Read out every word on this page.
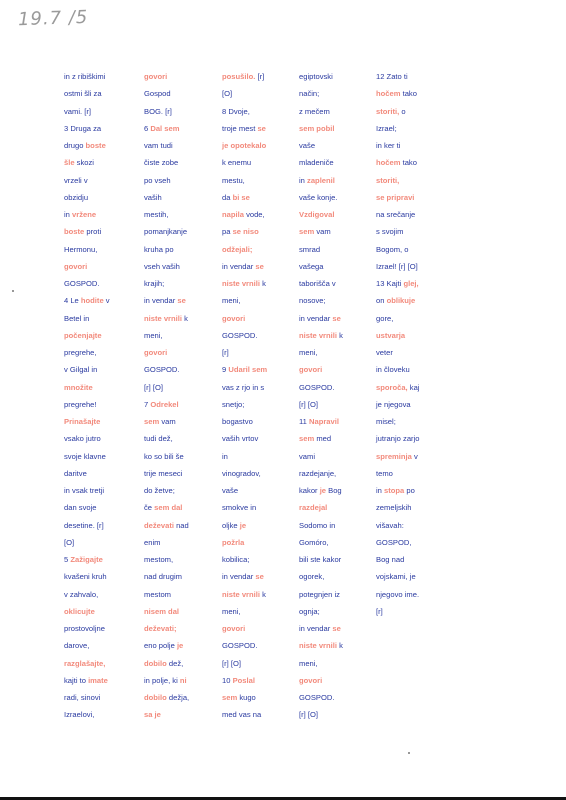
19.7 /5
in z ribiškimi
ostmi šli za
vami. [r]
3 Druga za
drugo boste
šle skozi
vrzeli v
obzidju
in vržene
boste proti
Hermonu,
govori
GOSPOD.
4 Le hodite v
Betel in
počenjajte
pregrehe,
v Gilgal in
množite
pregrehe!
Prinašajte
vsako jutro
svoje klavne
daritve
in vsak tretji
dan svoje
desetine. [r]
[O]
5 Zažigajte
kvašeni kruh
v zahvalo,
oklicujte
prostovoljne
darove,
razglašajte,
kajti to imate
radi, sinovi
Izraelovi,
govori
Gospod
BOG. [r]
6 Dal sem
vam tudi
čiste zobe
po vseh
vaših
mestih,
pomanjkanje
kruha po
vseh vaših
krajih;
in vendar se
niste vrnili k
meni,
govori
GOSPOD.
[r] [O]
7 Odrekel
sem vam
tudi dež,
ko so bili še
trije meseci
do žetve;
če sem dal
deževati nad
enim
mestom,
nad drugim
mestom
nisem dal
deževati;
eno polje je
dobilo dež,
in polje, ki ni
dobilo dežja,
sa je
posušilo. [r]
[O]
8 Dvoje,
troje mest se
je opotekalo
k enemu
mestu,
da bi se
napila vode,
pa se niso
odžejali;
in vendar se
niste vrnili k
meni,
govori
GOSPOD.
[r]
9 Udaril sem
vas z rjo in s
snetjo;
bogastvo
vaših vrtov
in
vinogradov,
vaše
smokve in
oljke je
požrla
kobilica;
in vendar se
niste vrnili k
meni,
govori
GOSPOD.
[r] [O]
10 Poslal
sem kugo
med vas na
egiptovski
način;
z mečem
sem pobil
vaše
mladeniče
in zaplenil
vaše konje.
Vzdigoval
sem vam
smrad
vašega
taborišča v
nosove;
in vendar se
niste vrnili k
meni,
govori
GOSPOD.
[r] [O]
11 Napravil
sem med
vami
razdejanje,
kakor je Bog
razdejal
Sodomo in
Gomóro,
bili ste kakor
ogorek,
potegnjen iz
ognja;
in vendar se
niste vrnili k
meni,
govori
GOSPOD.
[r] [O]
12 Zato ti
hočem tako
storiti, o
Izrael;
in ker ti
hočem tako
storiti,
se pripravi
na srečanje
s svojim
Bogom, o
Izrael! [r] [O]
13 Kajti glej,
on oblikuje
gore,
ustvarja
veter
in človeku
sporoča, kaj
je njegova
misel;
jutranjo zarjo
spreminja v
temo
in stopa po
zemeljskih
višavah:
GOSPOD,
Bog nad
vojskami, je
njegovo ime.
[r]
